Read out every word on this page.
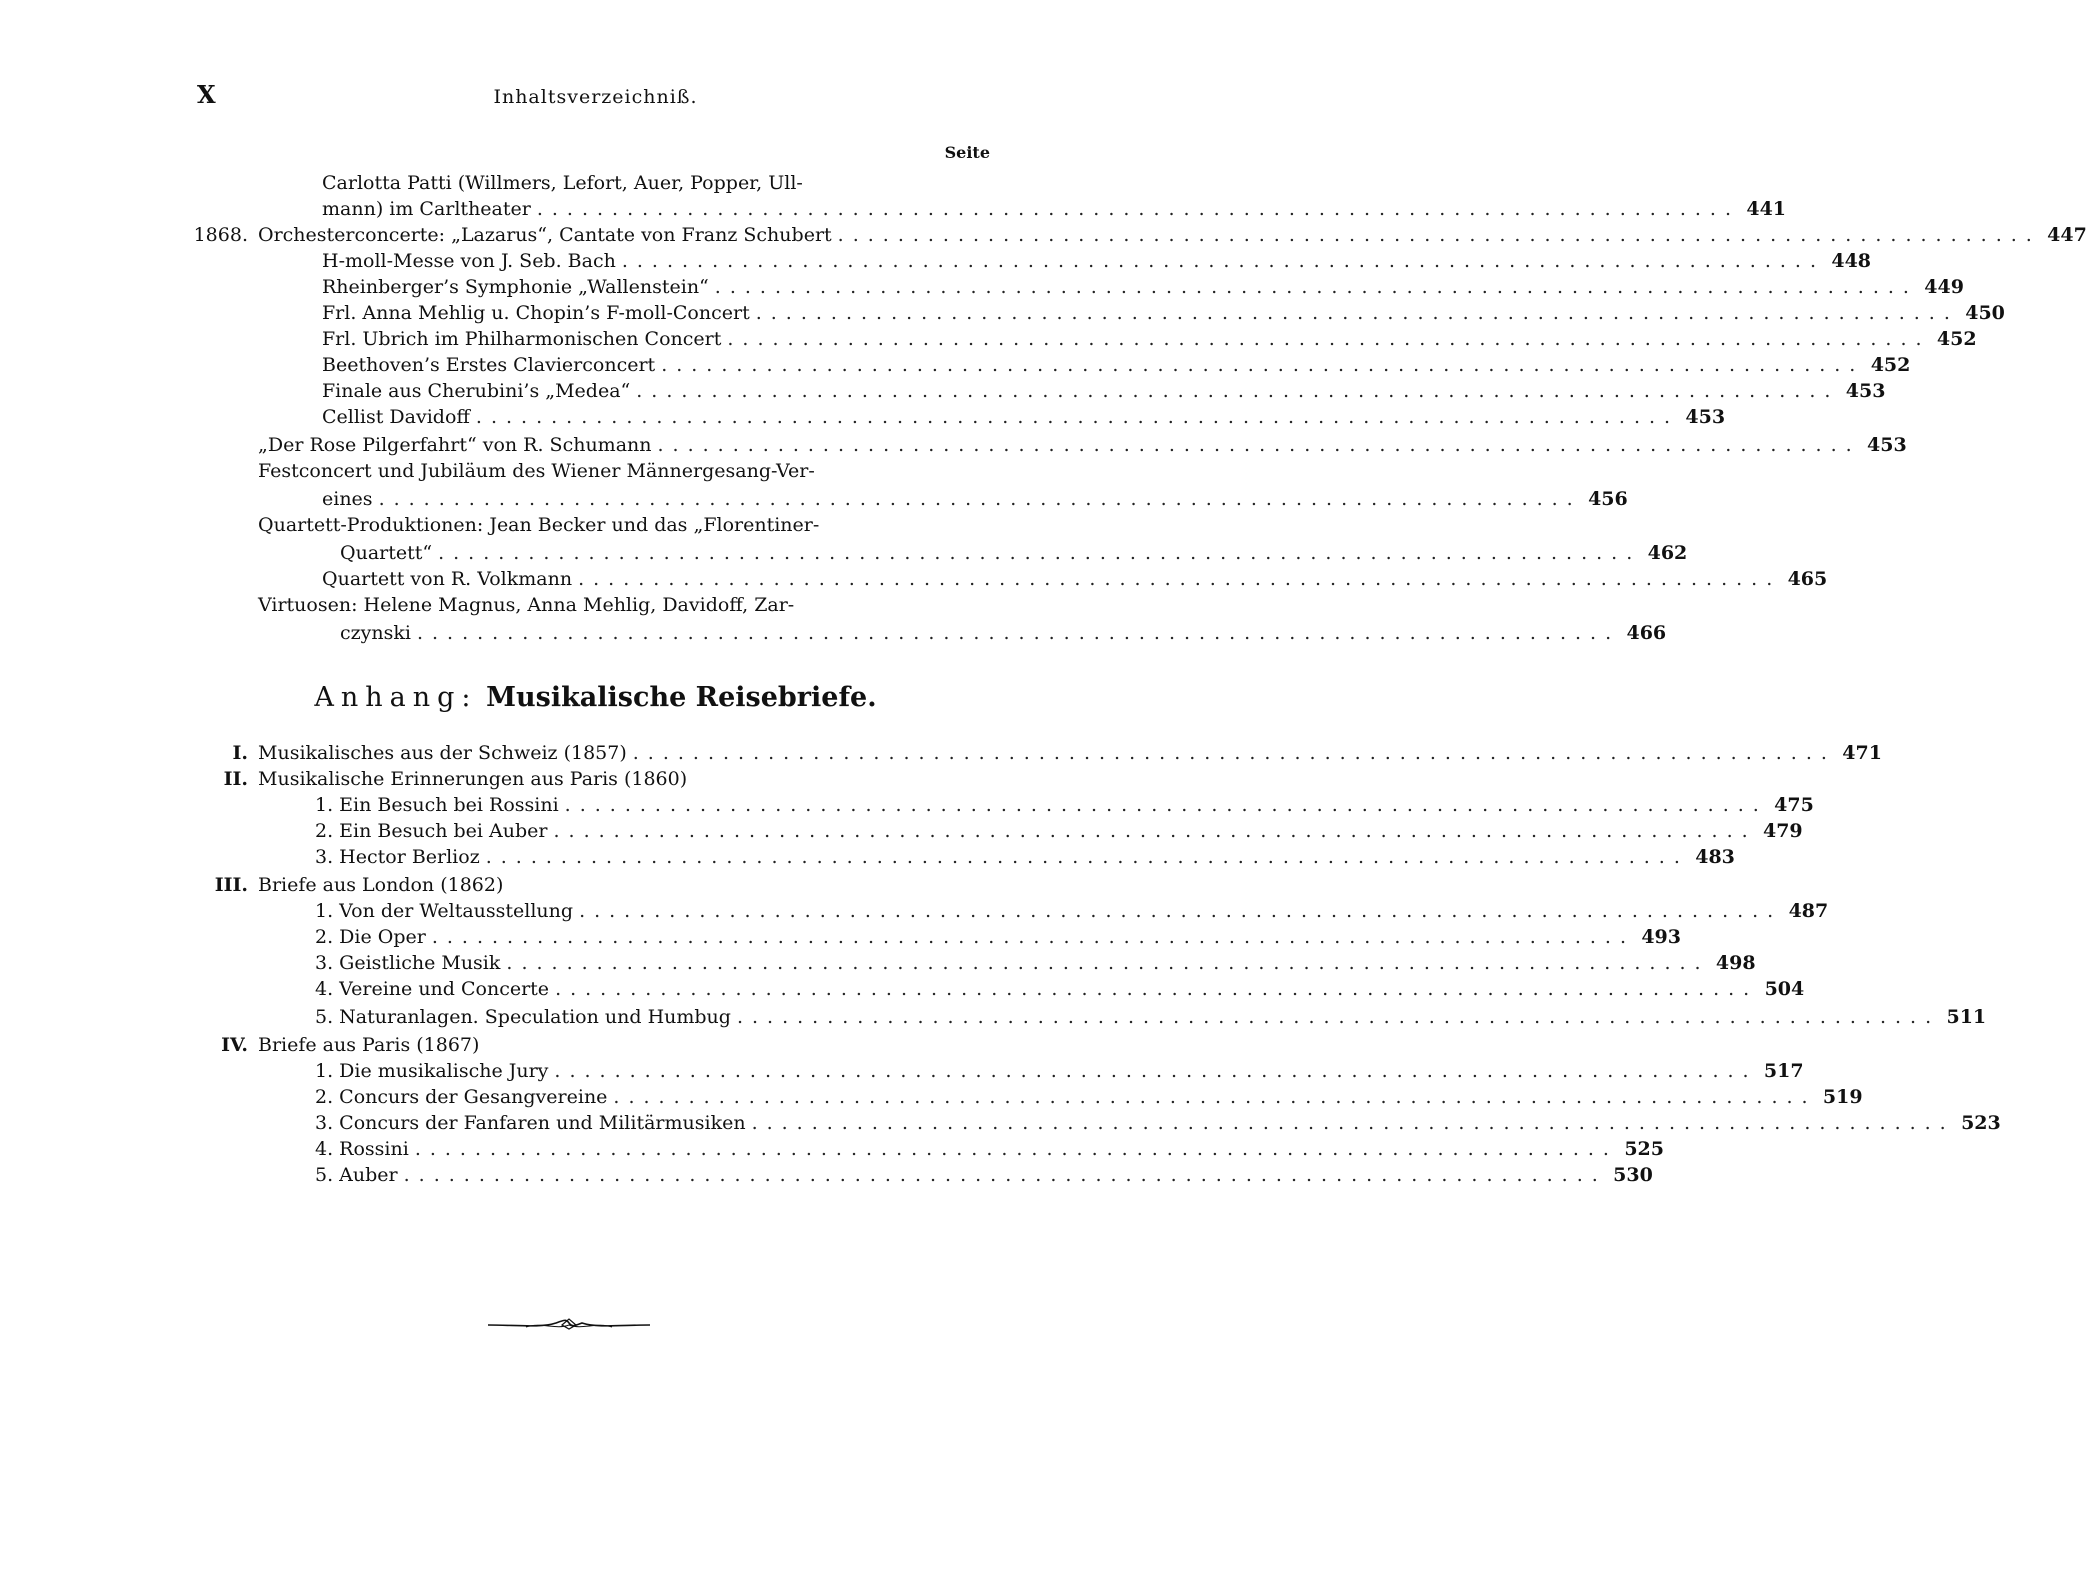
X	Inhaltsverzeichniß.
Seite
Carlotta Patti (Willmers, Lefort, Auer, Popper, Ull-
mann) im Carltheater ................................................................................ 441
1868. Orchesterconcerte: „Lazarus“, Cantate von Franz Schubert ................................................................................ 447
H-moll-Messe von J. Seb. Bach ................................................................................ 448
Rheinberger’s Symphonie „Wallenstein“ ................................................................................ 449
Frl. Anna Mehlig u. Chopin’s F-moll-Concert ................................................................................ 450
Frl. Ubrich im Philharmonischen Concert ................................................................................ 452
Beethoven’s Erstes Clavierconcert ................................................................................ 452
Finale aus Cherubini’s „Medea“ ................................................................................ 453
Cellist Davidoff ................................................................................ 453
„Der Rose Pilgerfahrt“ von R. Schumann ................................................................................ 453
Festconcert und Jubiläum des Wiener Männergesang-Ver-
eines ................................................................................ 456
Quartett-Produktionen: Jean Becker und das „Florentiner-
Quartett“ ................................................................................ 462
Quartett von R. Volkmann ................................................................................ 465
Virtuosen: Helene Magnus, Anna Mehlig, Davidoff, Zar-
czynski ................................................................................ 466
Anhang: Musikalische Reisebriefe.
I. Musikalisches aus der Schweiz (1857) ................................................................................ 471
II. Musikalische Erinnerungen aus Paris (1860)
1. Ein Besuch bei Rossini ................................................................................ 475
2. Ein Besuch bei Auber ................................................................................ 479
3. Hector Berlioz ................................................................................ 483
III. Briefe aus London (1862)
1. Von der Weltausstellung ................................................................................ 487
2. Die Oper ................................................................................ 493
3. Geistliche Musik ................................................................................ 498
4. Vereine und Concerte ................................................................................ 504
5. Naturanlagen. Speculation und Humbug ................................................................................ 511
IV. Briefe aus Paris (1867)
1. Die musikalische Jury ................................................................................ 517
2. Concurs der Gesangvereine ................................................................................ 519
3. Concurs der Fanfaren und Militärmusiken ................................................................................ 523
4. Rossini ................................................................................ 525
5. Auber ................................................................................ 530
